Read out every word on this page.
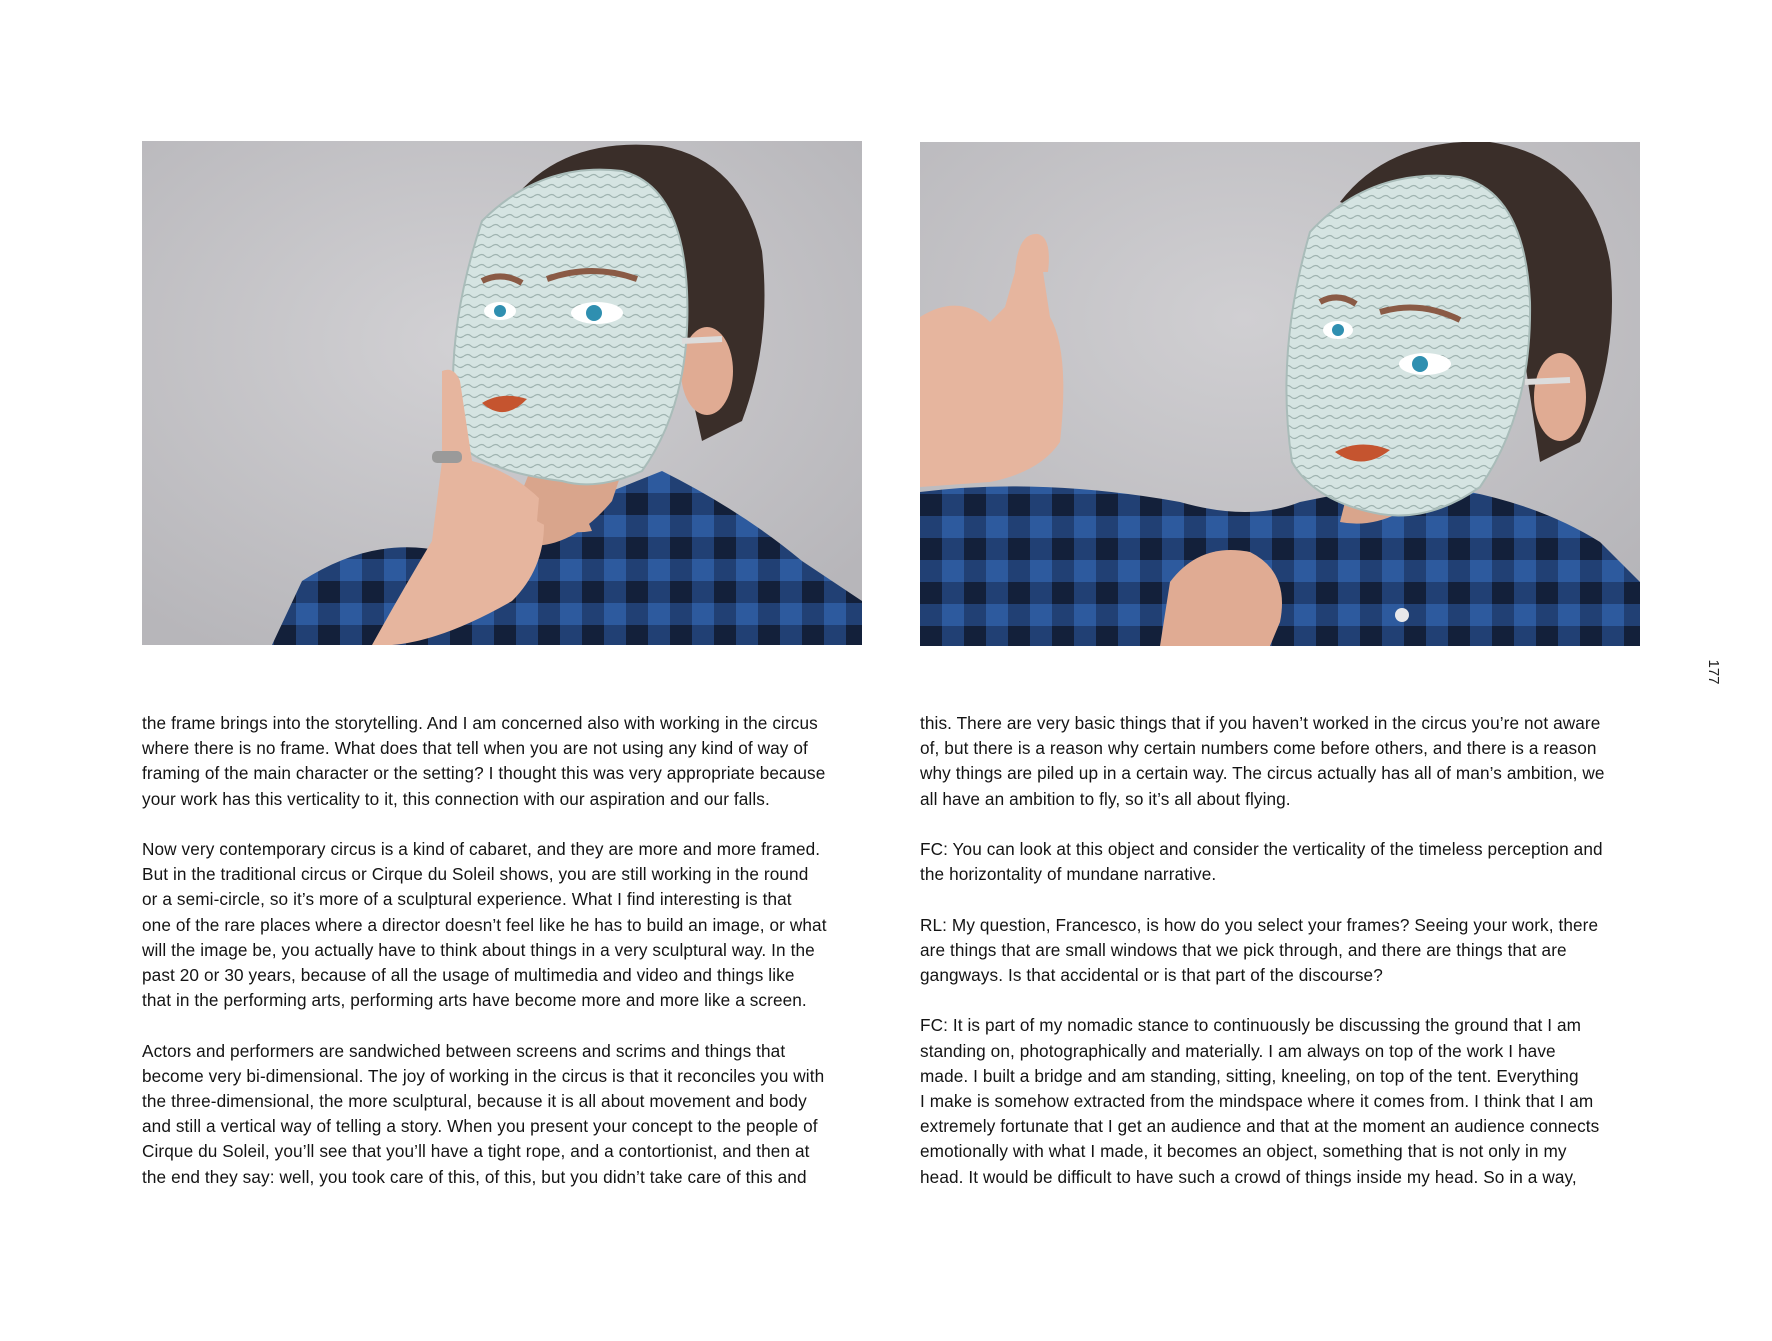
177

the frame brings into the storytelling. And I am concerned also with working in the circus
where there is no frame. What does that tell when you are not using any kind of way of
framing of the main character or the setting? I thought this was very appropriate because
your work has this verticality to it, this connection with our aspiration and our falls.

Now very contemporary circus is a kind of cabaret, and they are more and more framed.
But in the traditional circus or Cirque du Soleil shows, you are still working in the round
or a semi-circle, so it’s more of a sculptural experience. What I find interesting is that
one of the rare places where a director doesn’t feel like he has to build an image, or what
will the image be, you actually have to think about things in a very sculptural way. In the
past 20 or 30 years, because of all the usage of multimedia and video and things like
that in the performing arts, performing arts have become more and more like a screen.

Actors and performers are sandwiched between screens and scrims and things that
become very bi-dimensional. The joy of working in the circus is that it reconciles you with
the three-dimensional, the more sculptural, because it is all about movement and body
and still a vertical way of telling a story. When you present your concept to the people of
Cirque du Soleil, you’ll see that you’ll have a tight rope, and a contortionist, and then at
the end they say: well, you took care of this, of this, but you didn’t take care of this and

this. There are very basic things that if you haven’t worked in the circus you’re not aware
of, but there is a reason why certain numbers come before others, and there is a reason
why things are piled up in a certain way. The circus actually has all of man’s ambition, we
all have an ambition to fly, so it’s all about flying.

FC: You can look at this object and consider the verticality of the timeless perception and
the horizontality of mundane narrative.

RL: My question, Francesco, is how do you select your frames? Seeing your work, there
are things that are small windows that we pick through, and there are things that are
gangways. Is that accidental or is that part of the discourse?

FC: It is part of my nomadic stance to continuously be discussing the ground that I am
standing on, photographically and materially. I am always on top of the work I have
made. I built a bridge and am standing, sitting, kneeling, on top of the tent. Everything
I make is somehow extracted from the mindspace where it comes from. I think that I am
extremely fortunate that I get an audience and that at the moment an audience connects
emotionally with what I made, it becomes an object, something that is not only in my
head. It would be difficult to have such a crowd of things inside my head. So in a way,
